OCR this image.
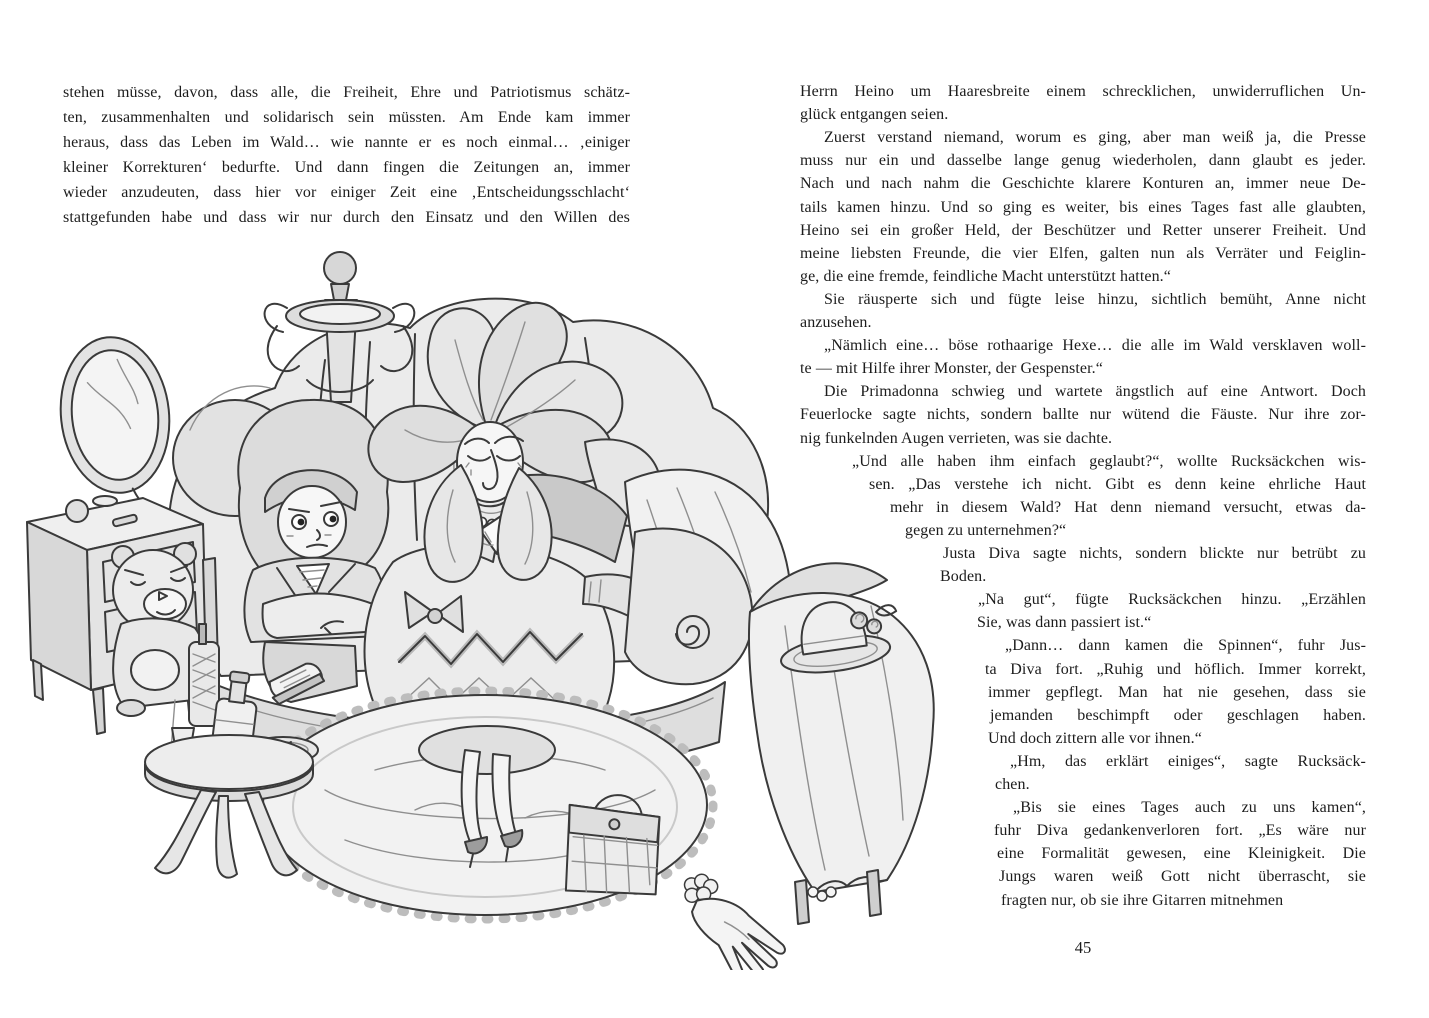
stehen müsse, davon, dass alle, die Freiheit, Ehre und Patriotismus schätz-
ten, zusammenhalten und solidarisch sein müssten. Am Ende kam immer
heraus, dass das Leben im Wald… wie nannte er es noch einmal… ‚einiger
kleiner Korrekturen‘ bedurfte. Und dann fingen die Zeitungen an, immer
wieder anzudeuten, dass hier vor einiger Zeit eine ‚Entscheidungsschlacht‘
stattgefunden habe und dass wir nur durch den Einsatz und den Willen des
Herrn Heino um Haaresbreite einem schrecklichen, unwiderruflichen Un-
glück entgangen seien.
Zuerst verstand niemand, worum es ging, aber man weiß ja, die Presse
muss nur ein und dasselbe lange genug wiederholen, dann glaubt es jeder.
Nach und nach nahm die Geschichte klarere Konturen an, immer neue De-
tails kamen hinzu. Und so ging es weiter, bis eines Tages fast alle glaubten,
Heino sei ein großer Held, der Beschützer und Retter unserer Freiheit. Und
meine liebsten Freunde, die vier Elfen, galten nun als Verräter und Feiglin-
ge, die eine fremde, feindliche Macht unterstützt hatten.“
Sie räusperte sich und fügte leise hinzu, sichtlich bemüht, Anne nicht
anzusehen.
„Nämlich eine… böse rothaarige Hexe… die alle im Wald versklaven woll-
te — mit Hilfe ihrer Monster, der Gespenster.“
Die Primadonna schwieg und wartete ängstlich auf eine Antwort. Doch
Feuerlocke sagte nichts, sondern ballte nur wütend die Fäuste. Nur ihre zor-
nig funkelnden Augen verrieten, was sie dachte.
„Und alle haben ihm einfach geglaubt?“, wollte Rucksäckchen wis-
sen. „Das verstehe ich nicht. Gibt es denn keine ehrliche Haut
mehr in diesem Wald? Hat denn niemand versucht, etwas da-
gegen zu unternehmen?“
Justa Diva sagte nichts, sondern blickte nur betrübt zu
Boden.
„Na gut“, fügte Rucksäckchen hinzu. „Erzählen
Sie, was dann passiert ist.“
„Dann… dann kamen die Spinnen“, fuhr Jus-
ta Diva fort. „Ruhig und höflich. Immer korrekt,
immer gepflegt. Man hat nie gesehen, dass sie
jemanden beschimpft oder geschlagen haben.
Und doch zittern alle vor ihnen.“
„Hm, das erklärt einiges“, sagte Rucksäck-
chen.
„Bis sie eines Tages auch zu uns kamen“,
fuhr Diva gedankenverloren fort. „Es wäre nur
eine Formalität gewesen, eine Kleinigkeit. Die
Jungs waren weiß Gott nicht überrascht, sie
fragten nur, ob sie ihre Gitarren mitnehmen
45
